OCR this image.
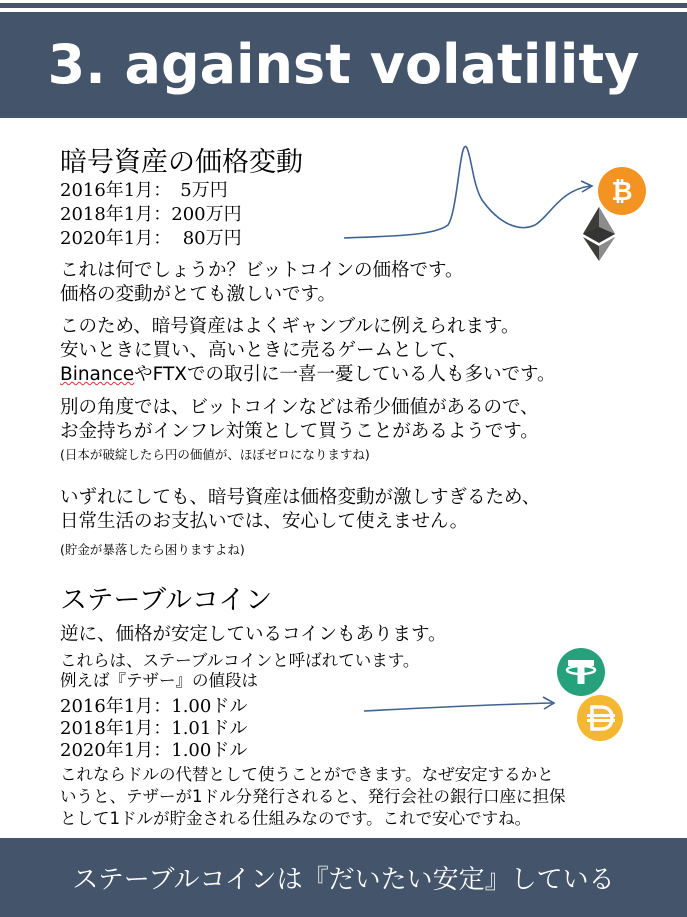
3. against volatility
暗号資産の価格変動
2016年1月：　5万円
2018年1月：200万円
2020年1月：  80万円
₿
これは何でしょうか？ビットコインの価格です。
価格の変動がとても激しいです。
このため、暗号資産はよくギャンブルに例えられます。
安いときに買い、高いときに売るゲームとして、
BinanceやFTXでの取引に一喜一憂している人も多いです。
別の角度では、ビットコインなどは希少価値があるので、
お金持ちがインフレ対策として買うことがあるようです。
(日本が破綻したら円の価値が、ほぼゼロになりますね)
いずれにしても、暗号資産は価格変動が激しすぎるため、
日常生活のお支払いでは、安心して使えません。
(貯金が暴落したら困りますよね)
ステーブルコイン
逆に、価格が安定しているコインもあります。
これらは、ステーブルコインと呼ばれています。
例えば『テザー』の値段は
2016年1月：1.00ドル
2018年1月：1.01ドル
2020年1月：1.00ドル
これならドルの代替として使うことができます。なぜ安定するかと
いうと、テザーが1ドル分発行されると、発行会社の銀行口座に担保
として1ドルが貯金される仕組みなのです。これで安心ですね。
ステーブルコインは『だいたい安定』している
